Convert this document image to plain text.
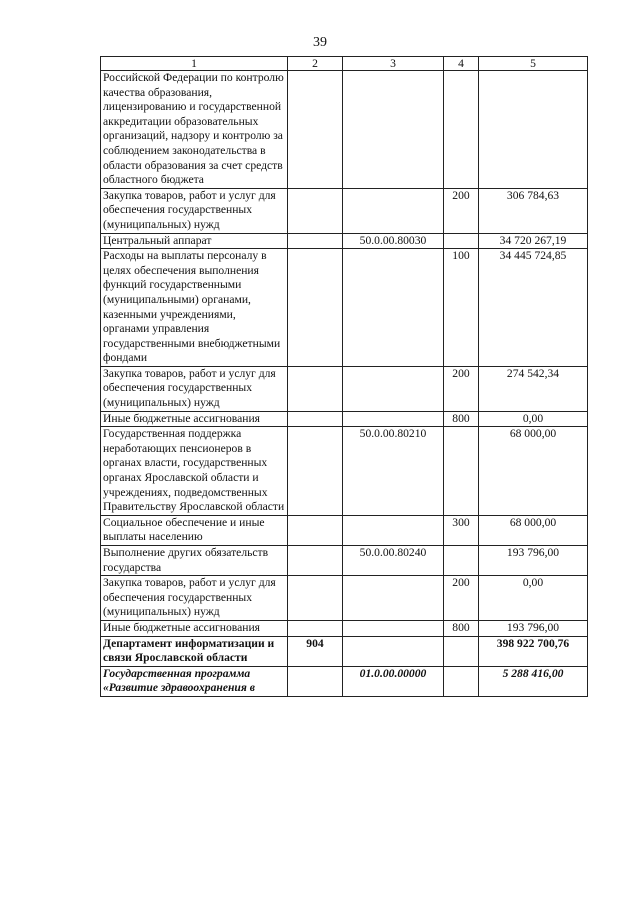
39
1	2	3	4	5
Российской Федерации по контролю качества образования, лицензированию и государственной аккредитации образовательных организаций, надзору и контролю за соблюдением законодательства в области образования за счет средств областного бюджета				
Закупка товаров, работ и услуг для обеспечения государственных (муниципальных) нужд			200	306 784,63
Центральный аппарат		50.0.00.80030		34 720 267,19
Расходы на выплаты персоналу в целях обеспечения выполнения функций государственными (муниципальными) органами, казенными учреждениями, органами управления государственными внебюджетными фондами			100	34 445 724,85
Закупка товаров, работ и услуг для обеспечения государственных (муниципальных) нужд			200	274 542,34
Иные бюджетные ассигнования			800	0,00
Государственная поддержка неработающих пенсионеров в органах власти, государственных органах Ярославской области и учреждениях, подведомственных Правительству Ярославской области		50.0.00.80210		68 000,00
Социальное обеспечение и иные выплаты населению			300	68 000,00
Выполнение других обязательств государства		50.0.00.80240		193 796,00
Закупка товаров, работ и услуг для обеспечения государственных (муниципальных) нужд			200	0,00
Иные бюджетные ассигнования			800	193 796,00
Департамент информатизации и связи Ярославской области	904			398 922 700,76
Государственная программа «Развитие здравоохранения в		01.0.00.00000		5 288 416,00
